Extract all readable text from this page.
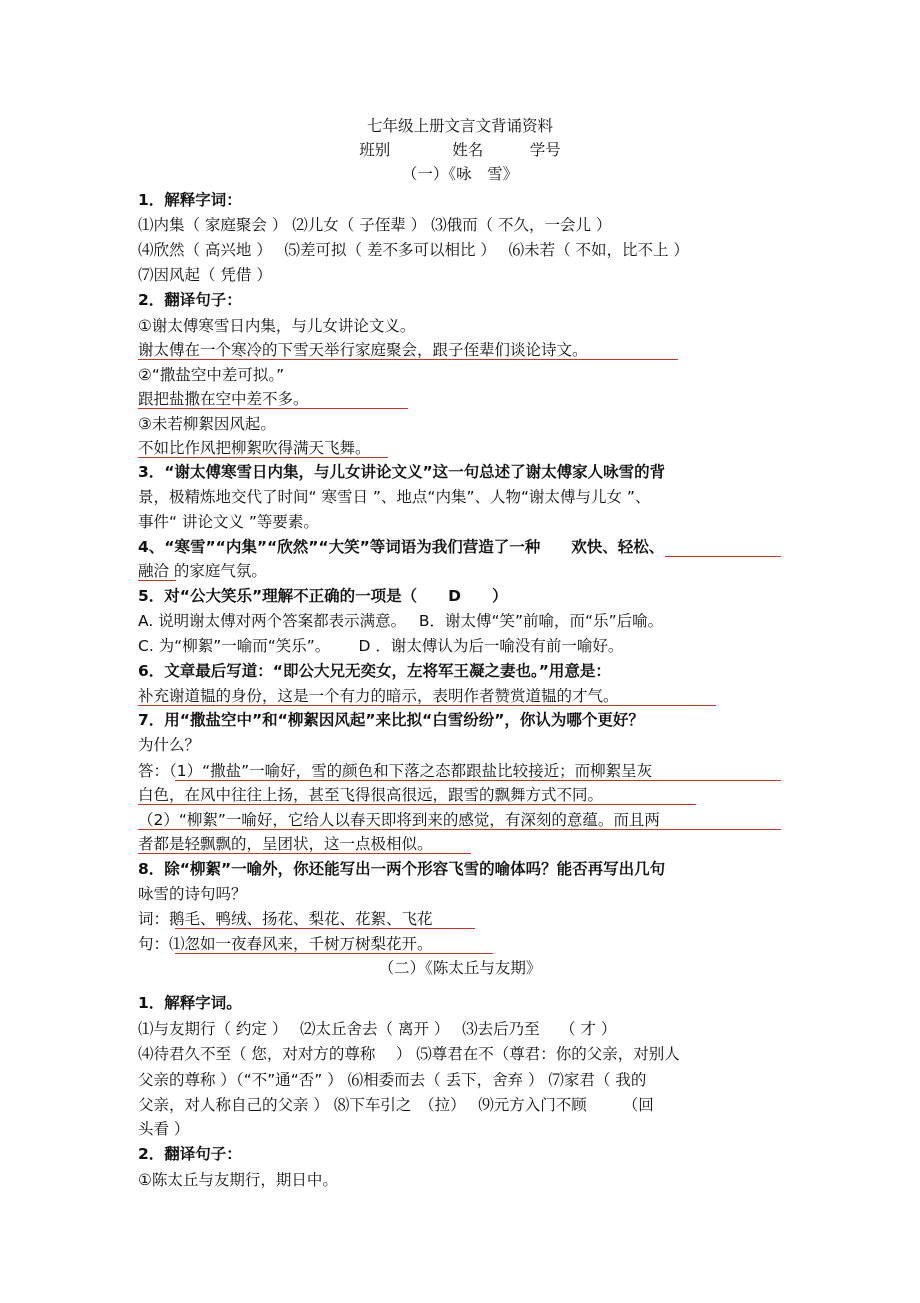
七年级上册文言文背诵资料
班别　　　　姓名　　　学号
（一）《咏　雪》
1．解释字词：
⑴内集（ 家庭聚会 ） ⑵儿女（ 子侄辈 ） ⑶俄而（ 不久，一会儿 ）
⑷欣然（ 高兴地 ）　 ⑸差可拟（ 差不多可以相比 ）　 ⑹未若（ 不如，比不上 ）
⑺因风起（ 凭借 ）
2．翻译句子：
①谢太傅寒雪日内集，与儿女讲论文义。
谢太傅在一个寒冷的下雪天举行家庭聚会，跟子侄辈们谈论诗文。
②“撒盐空中差可拟。”
跟把盐撒在空中差不多。
③未若柳絮因风起。
不如比作风把柳絮吹得满天飞舞。
3．“谢太傅寒雪日内集，与儿女讲论文义”这一句总述了谢太傅家人咏雪的背
景，极精炼地交代了时间“ 寒雪日 ”、地点“内集”、人物“谢太傅与儿女 ”、
事件“ 讲论文义 ”等要素。
4、“寒雪”“内集”“欣然”“大笑”等词语为我们营造了一种　　欢快、轻松、
融洽 的家庭气氛。
5．对“公大笑乐”理解不正确的一项是（　　D　　）
A. 说明谢太傅对两个答案都表示满意。　 B．谢太傅“笑”前喻，而“乐”后喻。
C. 为“柳絮”一喻而“笑乐”。　　 D ．谢太傅认为后一喻没有前一喻好。
6．文章最后写道：“即公大兄无奕女，左将军王凝之妻也。”用意是：
补充谢道韫的身份，这是一个有力的暗示，表明作者赞赏道韫的才气。
7．用“撒盐空中”和“柳絮因风起”来比拟“白雪纷纷”，你认为哪个更好？
为什么？
答：（1）“撒盐”一喻好，雪的颜色和下落之态都跟盐比较接近；而柳絮呈灰
白色，在风中往往上扬，甚至飞得很高很远，跟雪的飘舞方式不同。
（2）“柳絮”一喻好，它给人以春天即将到来的感觉，有深刻的意蕴。而且两
者都是轻飘飘的，呈团状，这一点极相似。
8．除“柳絮”一喻外，你还能写出一两个形容飞雪的喻体吗？能否再写出几句
咏雪的诗句吗？
词：鹅毛、鸭绒、扬花、梨花、花絮、飞花
句：⑴忽如一夜春风来，千树万树梨花开。
（二）《陈太丘与友期》
1．解释字词。
⑴与友期行（ 约定 ）　 ⑵太丘舍去（ 离开 ）　 ⑶去后乃至　 （ 才 ）
⑷待君久不至（ 您，对对方的尊称　 ） ⑸尊君在不（尊君：你的父亲，对别人
父亲的尊称 ）（“不”通“否” ） ⑹相委而去（ 丢下，舍弃 ） ⑺家君（ 我的
父亲，对人称自己的父亲 ） ⑻下车引之　（拉）　 ⑼元方入门不顾　　 （回
头看 ）
2．翻译句子：
①陈太丘与友期行，期日中。
